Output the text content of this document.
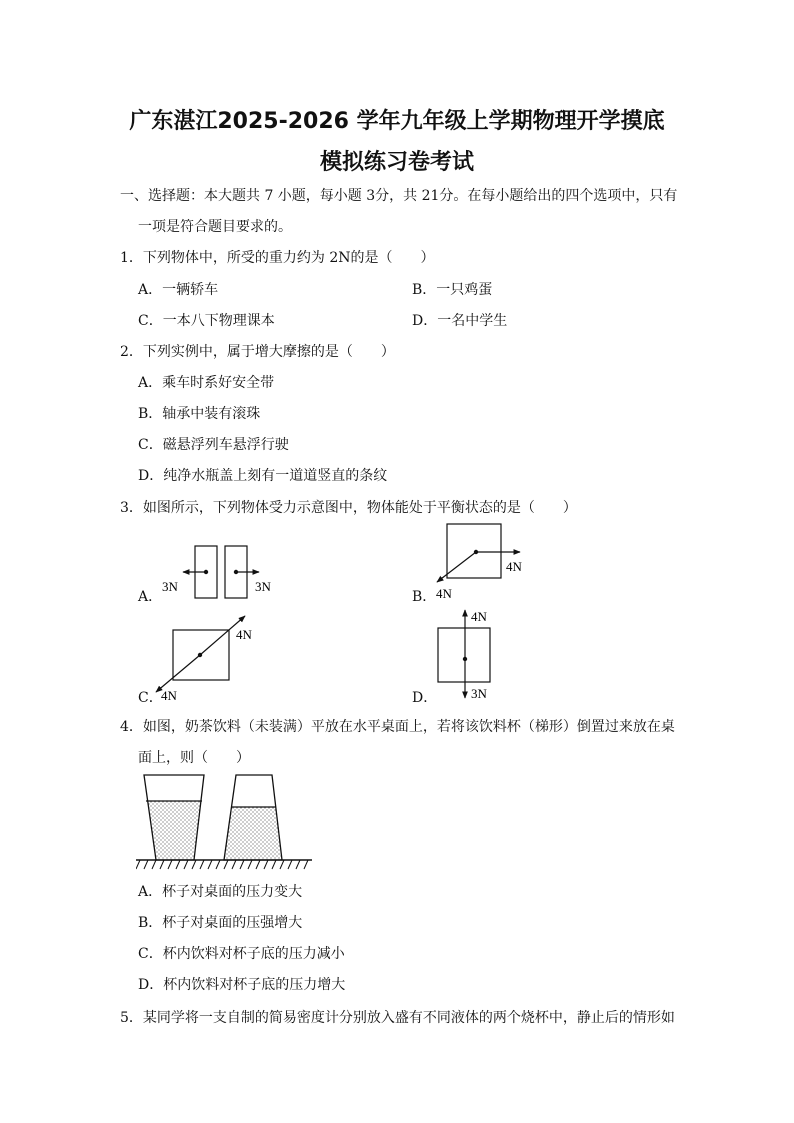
广东湛江2025-2026 学年九年级上学期物理开学摸底
模拟练习卷考试
一、选择题：本大题共 7 小题，每小题 3分，共 21分。在每小题给出的四个选项中，只有
一项是符合题目要求的。
1．下列物体中，所受的重力约为 2N的是（　　）
A．一辆轿车	B．一只鸡蛋
C．一本八下物理课本	D．一名中学生
2．下列实例中，属于增大摩擦的是（　　）
A．乘车时系好安全带
B．轴承中装有滚珠
C．磁悬浮列车悬浮行驶
D．纯净水瓶盖上刻有一道道竖直的条纹
3．如图所示，下列物体受力示意图中，物体能处于平衡状态的是（　　）
A．	B．
C．	D．
3N	3N
4N
4N
4N
4N
4N
3N
4．如图，奶茶饮料（未装满）平放在水平桌面上，若将该饮料杯（梯形）倒置过来放在桌
面上，则（　　）
A．杯子对桌面的压力变大
B．杯子对桌面的压强增大
C．杯内饮料对杯子底的压力减小
D．杯内饮料对杯子底的压力增大
5．某同学将一支自制的简易密度计分别放入盛有不同液体的两个烧杯中，静止后的情形如
